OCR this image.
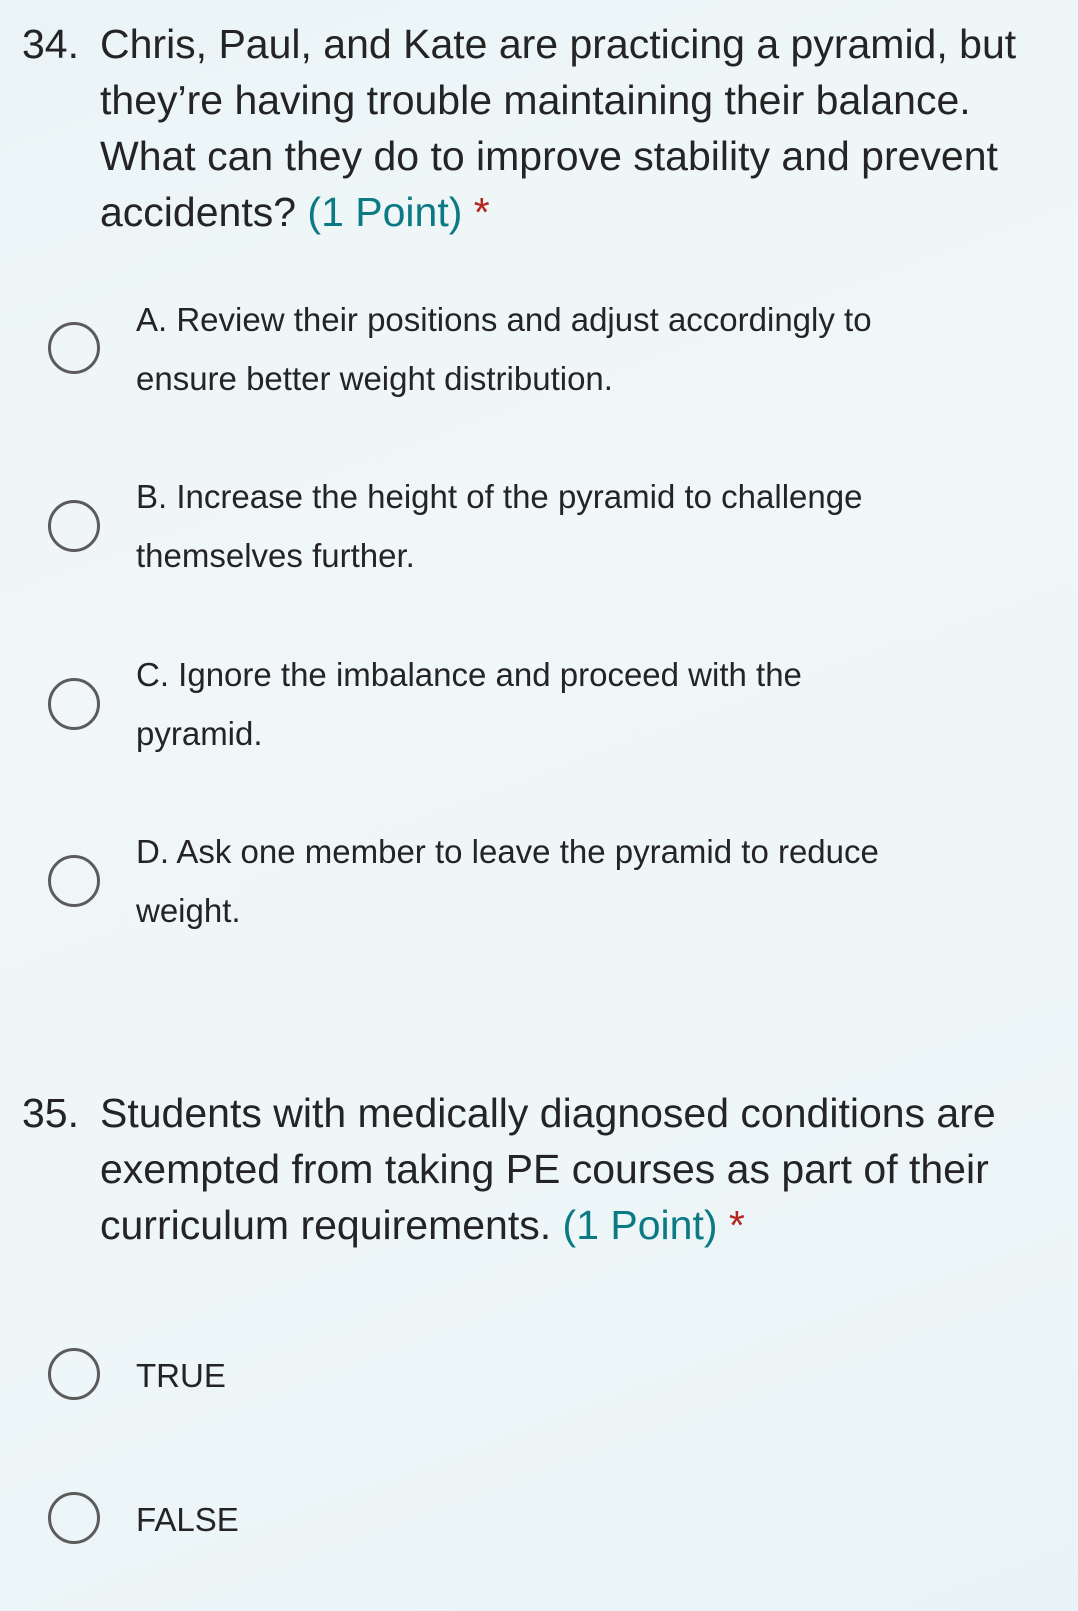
34. Chris, Paul, and Kate are practicing a pyramid, but they’re having trouble maintaining their balance. What can they do to improve stability and prevent accidents? (1 Point) *
A. Review their positions and adjust accordingly to ensure better weight distribution.
B. Increase the height of the pyramid to challenge themselves further.
C. Ignore the imbalance and proceed with the pyramid.
D. Ask one member to leave the pyramid to reduce weight.
35. Students with medically diagnosed conditions are exempted from taking PE courses as part of their curriculum requirements. (1 Point) *
TRUE
FALSE
